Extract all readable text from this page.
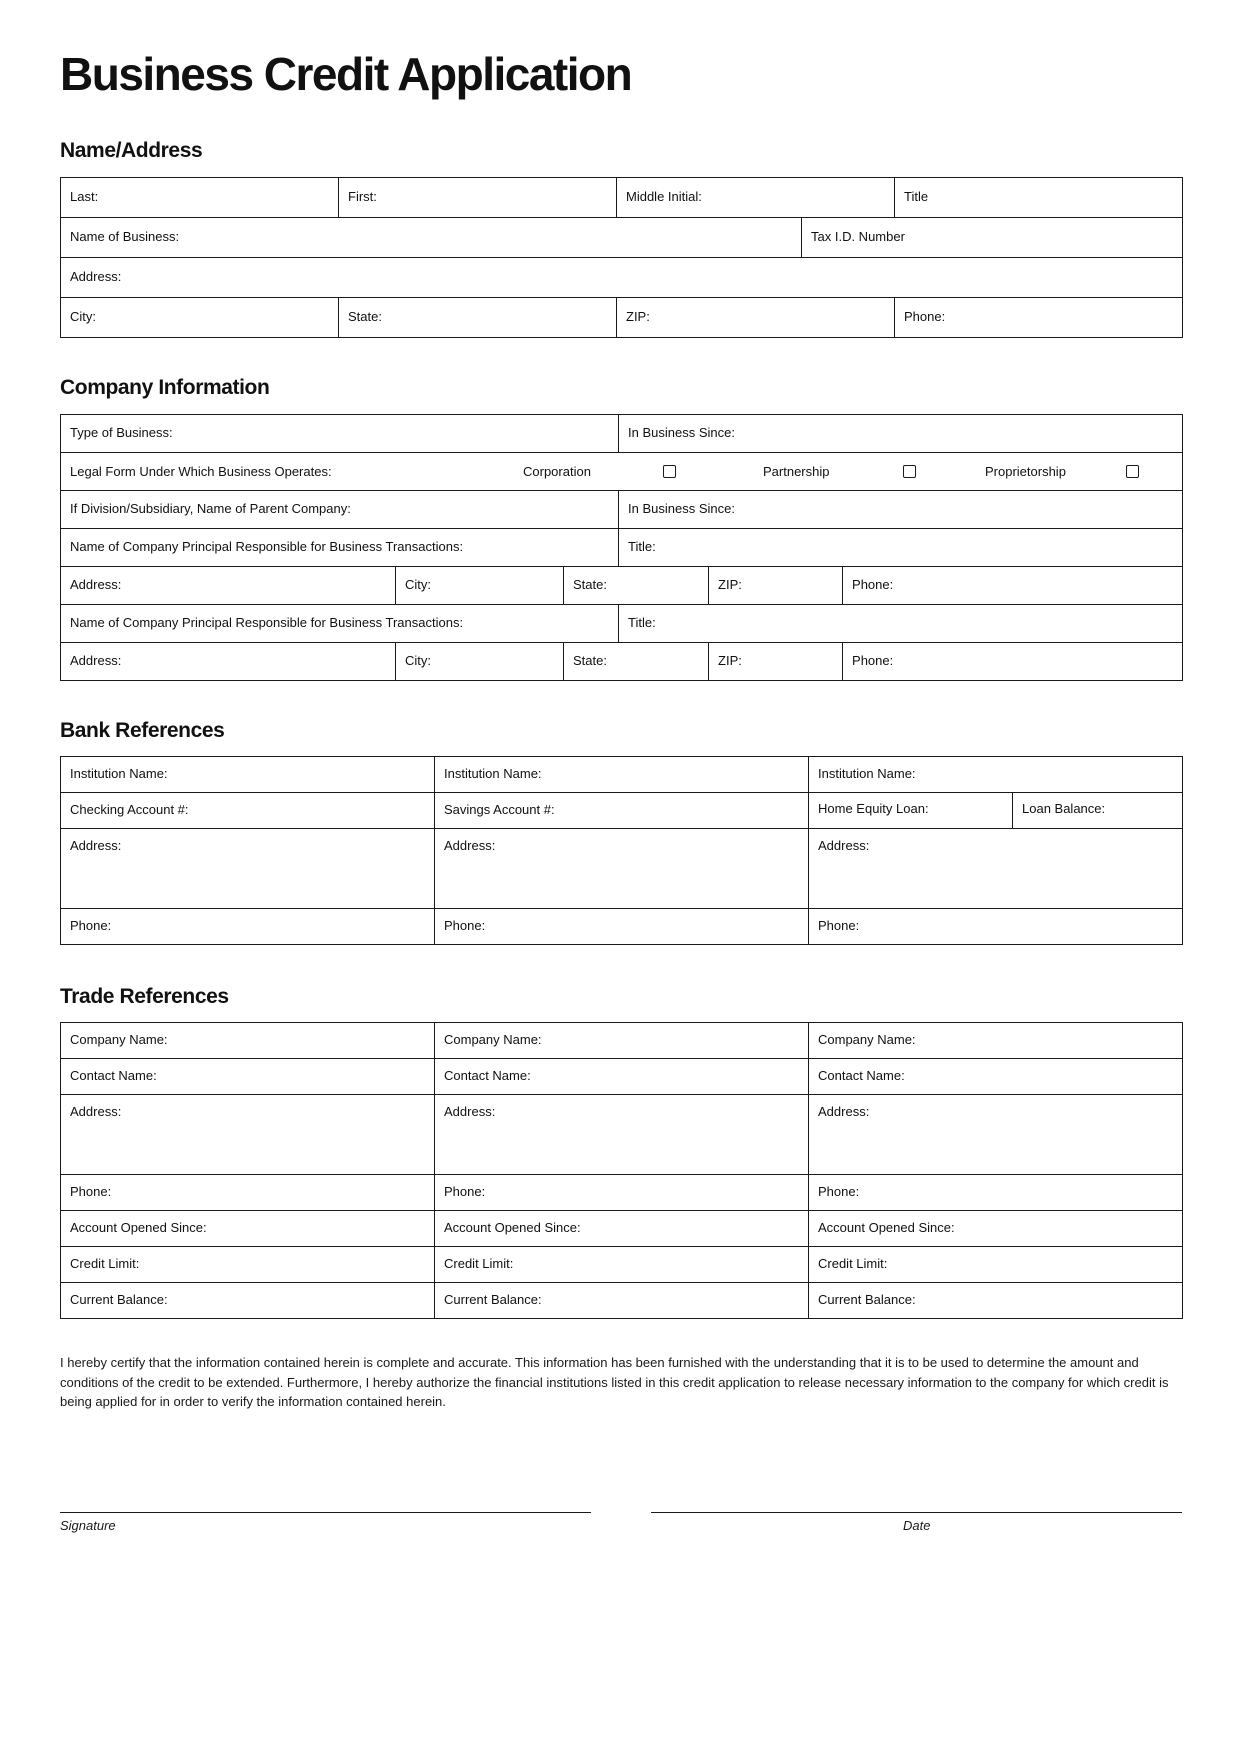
Business Credit Application
Name/Address
Last:	First:	Middle Initial:		Title
Name of Business:			Tax I.D. Number	
Address:				
City:	State:	ZIP:		Phone:
Company Information
Type of Business:			In Business Since:		

Legal Form Under Which Business Operates: Corporation Partnership Proprietorship					

If Division/Subsidiary, Name of Parent Company:			In Business Since:		
Name of Company Principal Responsible for Business Transactions:			Title:		
Address:	City:	State:		ZIP:	Phone:
Name of Company Principal Responsible for Business Transactions:			Title:		
Address:	City:	State:		ZIP:	Phone:
Bank References
Institution Name:	Institution Name:	Institution Name:	
Checking Account #:	Savings Account #:	Home Equity Loan:	Loan Balance:

Address:	Address:	Address:	
Phone:	Phone:	Phone:	
Trade References
Company Name:	Company Name:	Company Name:
Contact Name:	Contact Name:	Contact Name:
Address:	Address:	Address:
Phone:	Phone:	Phone:
Account Opened Since:	Account Opened Since:	Account Opened Since:
Credit Limit:	Credit Limit:	Credit Limit:
Current Balance:	Current Balance:	Current Balance:

I hereby certify that the information contained herein is complete and accurate. This information has been furnished with the understanding that it is to be used to determine the amount and conditions of the credit to be extended. Furthermore, I hereby authorize the financial institutions listed in this credit application to release necessary information to the company for which credit is being applied for in order to verify the information contained herein.

Signature	Date
